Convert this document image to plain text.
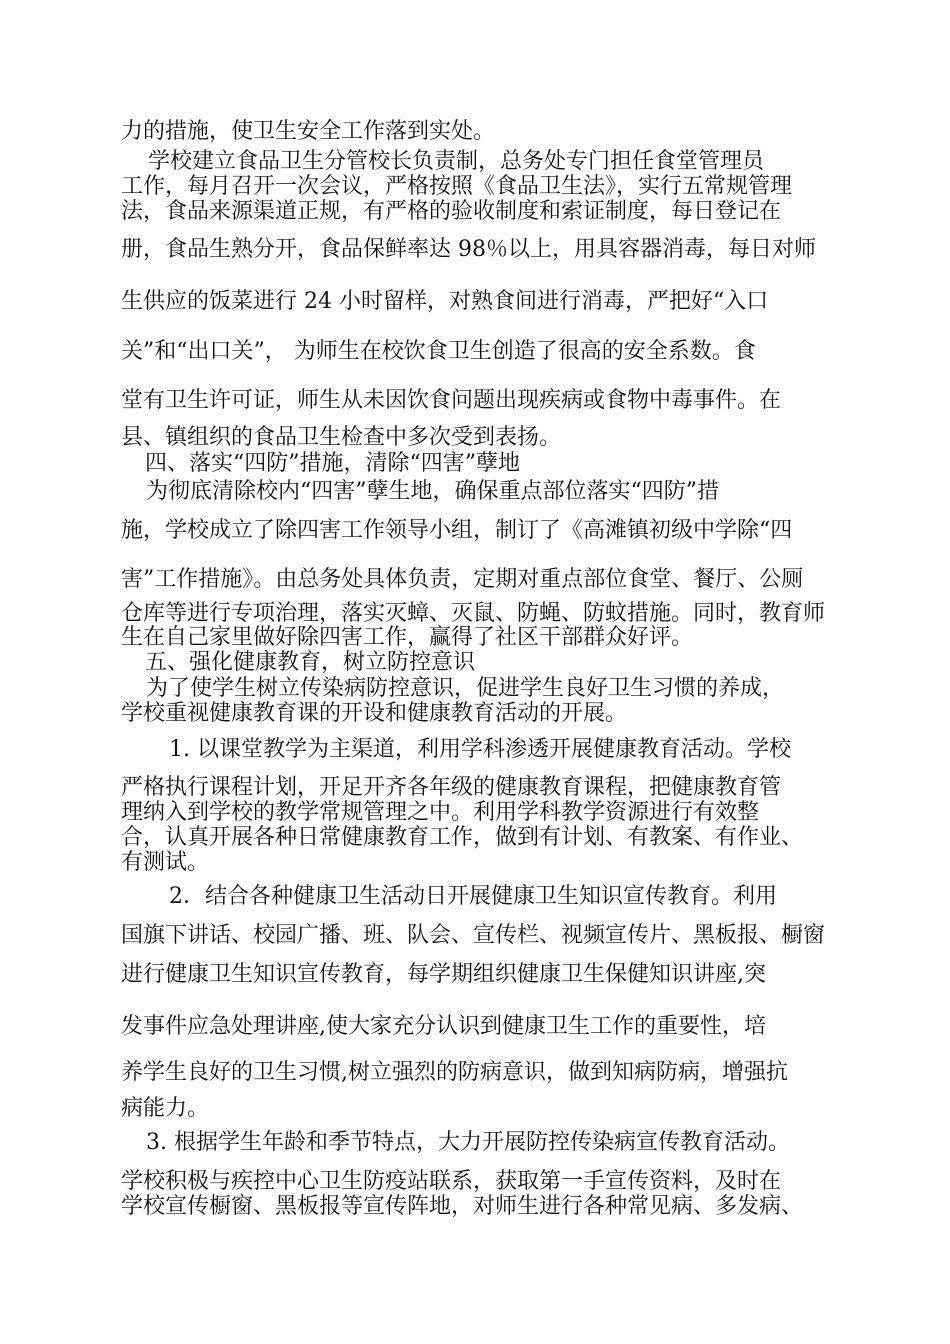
力的措施，使卫生安全工作落到实处。
学校建立食品卫生分管校长负责制，总务处专门担任食堂管理员
工作，每月召开一次会议，严格按照《食品卫生法》，实行五常规管理
法，食品来源渠道正规，有严格的验收制度和索证制度，每日登记在
册，食品生熟分开，食品保鲜率达 98％以上，用具容器消毒，每日对师
生供应的饭菜进行 24 小时留样，对熟食间进行消毒，严把好“入口
关”和“出口关”， 为师生在校饮食卫生创造了很高的安全系数。食
堂有卫生许可证，师生从未因饮食问题出现疾病或食物中毒事件。在
县、镇组织的食品卫生检查中多次受到表扬。
四、落实“四防”措施，清除“四害”孽地
为彻底清除校内“四害”孽生地，确保重点部位落实“四防”措
施，学校成立了除四害工作领导小组，制订了《高滩镇初级中学除“四
害”工作措施》。由总务处具体负责，定期对重点部位食堂、餐厅、公厕
仓库等进行专项治理，落实灭蟑、灭鼠、防蝇、防蚊措施。同时，教育师
生在自己家里做好除四害工作，赢得了社区干部群众好评。
五、强化健康教育，树立防控意识
为了使学生树立传染病防控意识，促进学生良好卫生习惯的养成，
学校重视健康教育课的开设和健康教育活动的开展。
1. 以课堂教学为主渠道，利用学科渗透开展健康教育活动。学校
严格执行课程计划，开足开齐各年级的健康教育课程，把健康教育管
理纳入到学校的教学常规管理之中。利用学科教学资源进行有效整
合，认真开展各种日常健康教育工作，做到有计划、有教案、有作业、
有测试。
2．结合各种健康卫生活动日开展健康卫生知识宣传教育。利用
国旗下讲话、校园广播、班、队会、宣传栏、视频宣传片、黑板报、橱窗
进行健康卫生知识宣传教育，每学期组织健康卫生保健知识讲座,突
发事件应急处理讲座,使大家充分认识到健康卫生工作的重要性，培
养学生良好的卫生习惯,树立强烈的防病意识，做到知病防病，增强抗
病能力。
3. 根据学生年龄和季节特点，大力开展防控传染病宣传教育活动。
学校积极与疾控中心卫生防疫站联系，获取第一手宣传资料，及时在
学校宣传橱窗、黑板报等宣传阵地，对师生进行各种常见病、多发病、
